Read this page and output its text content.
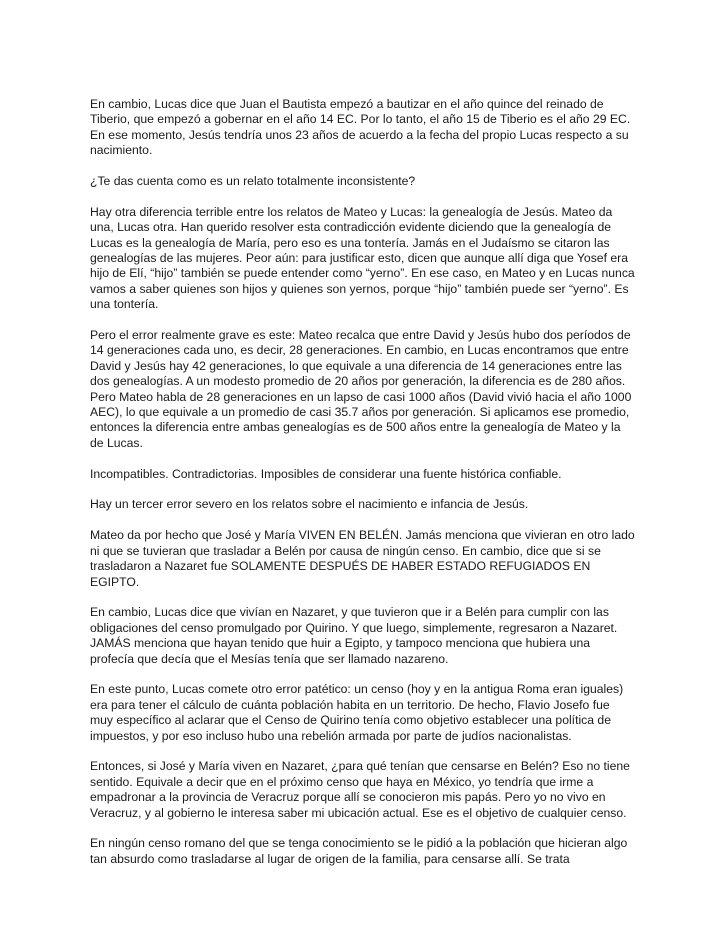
En cambio, Lucas dice que Juan el Bautista empezó a bautizar en el año quince del reinado de Tiberio, que empezó a gobernar en el año 14 EC. Por lo tanto, el año 15 de Tiberio es el año 29 EC. En ese momento, Jesús tendría unos 23 años de acuerdo a la fecha del propio Lucas respecto a su nacimiento.

¿Te das cuenta como es un relato totalmente inconsistente?

Hay otra diferencia terrible entre los relatos de Mateo y Lucas: la genealogía de Jesús. Mateo da una, Lucas otra. Han querido resolver esta contradicción evidente diciendo que la genealogía de Lucas es la genealogía de María, pero eso es una tontería. Jamás en el Judaísmo se citaron las genealogías de las mujeres. Peor aún: para justificar esto, dicen que aunque allí diga que Yosef era hijo de Elí, “hijo” también se puede entender como “yerno”. En ese caso, en Mateo y en Lucas nunca vamos a saber quienes son hijos y quienes son yernos, porque “hijo” también puede ser “yerno”. Es una tontería.

Pero el error realmente grave es este: Mateo recalca que entre David y Jesús hubo dos períodos de 14 generaciones cada uno, es decir, 28 generaciones. En cambio, en Lucas encontramos que entre David y Jesús hay 42 generaciones, lo que equivale a una diferencia de 14 generaciones entre las dos genealogías. A un modesto promedio de 20 años por generación, la diferencia es de 280 años. Pero Mateo habla de 28 generaciones en un lapso de casi 1000 años (David vivió hacia el año 1000 AEC), lo que equivale a un promedio de casi 35.7 años por generación. Si aplicamos ese promedio, entonces la diferencia entre ambas genealogías es de 500 años entre la genealogía de Mateo y la de Lucas.

Incompatibles. Contradictorias. Imposibles de considerar una fuente histórica confiable.

Hay un tercer error severo en los relatos sobre el nacimiento e infancia de Jesús.

Mateo da por hecho que José y María VIVEN EN BELÉN. Jamás menciona que vivieran en otro lado ni que se tuvieran que trasladar a Belén por causa de ningún censo. En cambio, dice que si se trasladaron a Nazaret fue SOLAMENTE DESPUÉS DE HABER ESTADO REFUGIADOS EN EGIPTO.

En cambio, Lucas dice que vivían en Nazaret, y que tuvieron que ir a Belén para cumplir con las obligaciones del censo promulgado por Quirino. Y que luego, simplemente, regresaron a Nazaret. JAMÁS menciona que hayan tenido que huir a Egipto, y tampoco menciona que hubiera una profecía que decía que el Mesías tenía que ser llamado nazareno.

En este punto, Lucas comete otro error patético: un censo (hoy y en la antigua Roma eran iguales) era para tener el cálculo de cuánta población habita en un territorio. De hecho, Flavio Josefo fue muy específico al aclarar que el Censo de Quirino tenía como objetivo establecer una política de impuestos, y por eso incluso hubo una rebelión armada por parte de judíos nacionalistas.

Entonces, si José y María viven en Nazaret, ¿para qué tenían que censarse en Belén? Eso no tiene sentido. Equivale a decir que en el próximo censo que haya en México, yo tendría que irme a empadronar a la provincia de Veracruz porque allí se conocieron mis papás. Pero yo no vivo en Veracruz, y al gobierno le interesa saber mi ubicación actual. Ese es el objetivo de cualquier censo.

En ningún censo romano del que se tenga conocimiento se le pidió a la población que hicieran algo tan absurdo como trasladarse al lugar de origen de la familia, para censarse allí. Se trata
